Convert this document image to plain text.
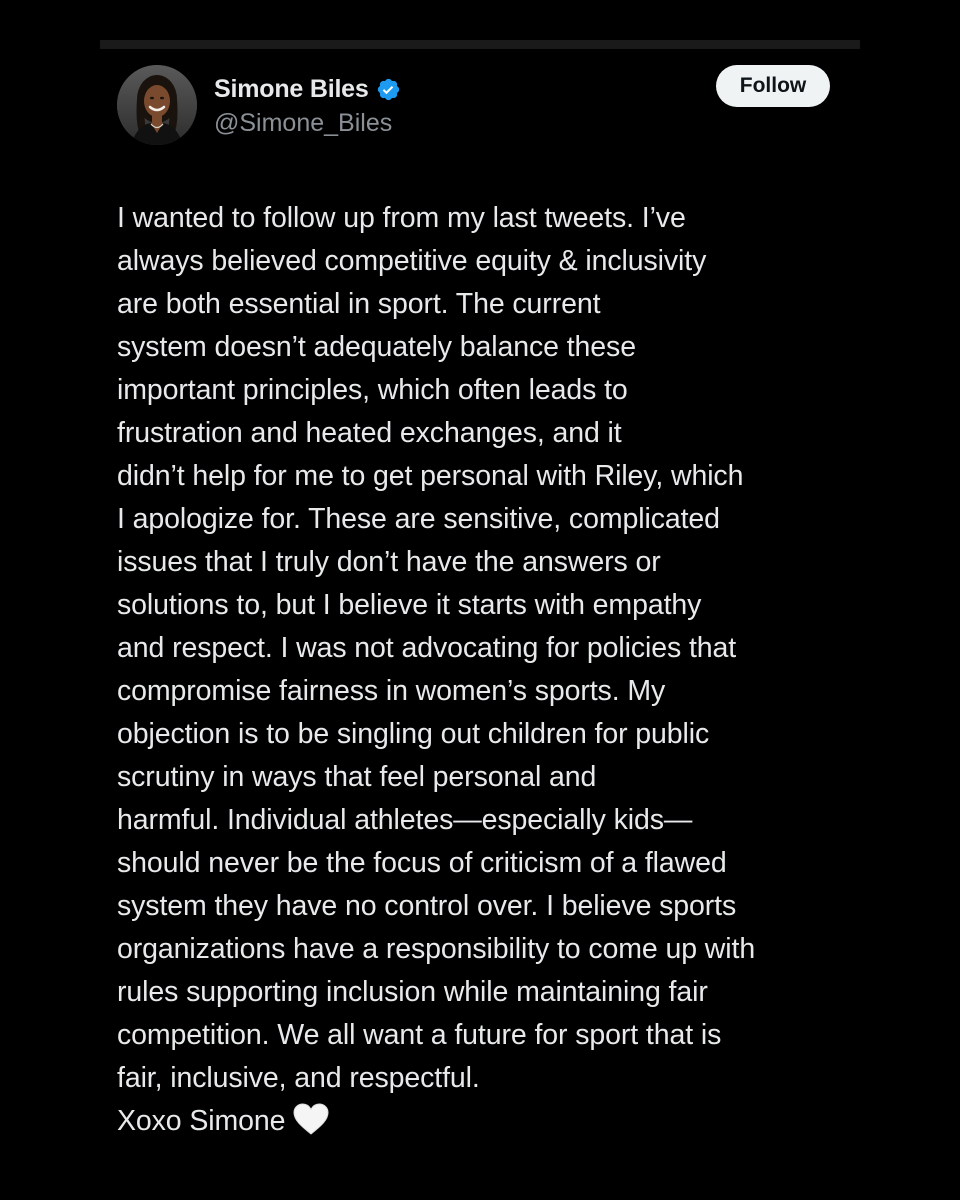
Simone Biles
@Simone_Biles
Follow
I wanted to follow up from my last tweets. I’ve
always believed competitive equity & inclusivity
are both essential in sport. The current
system doesn’t adequately balance these
important principles, which often leads to
frustration and heated exchanges, and it
didn’t help for me to get personal with Riley, which
I apologize for. These are sensitive, complicated
issues that I truly don’t have the answers or
solutions to, but I believe it starts with empathy
and respect. I was not advocating for policies that
compromise fairness in women’s sports. My
objection is to be singling out children for public
scrutiny in ways that feel personal and
harmful. Individual athletes—especially kids—
should never be the focus of criticism of a flawed
system they have no control over. I believe sports
organizations have a responsibility to come up with
rules supporting inclusion while maintaining fair
competition. We all want a future for sport that is
fair, inclusive, and respectful.
Xoxo Simone
